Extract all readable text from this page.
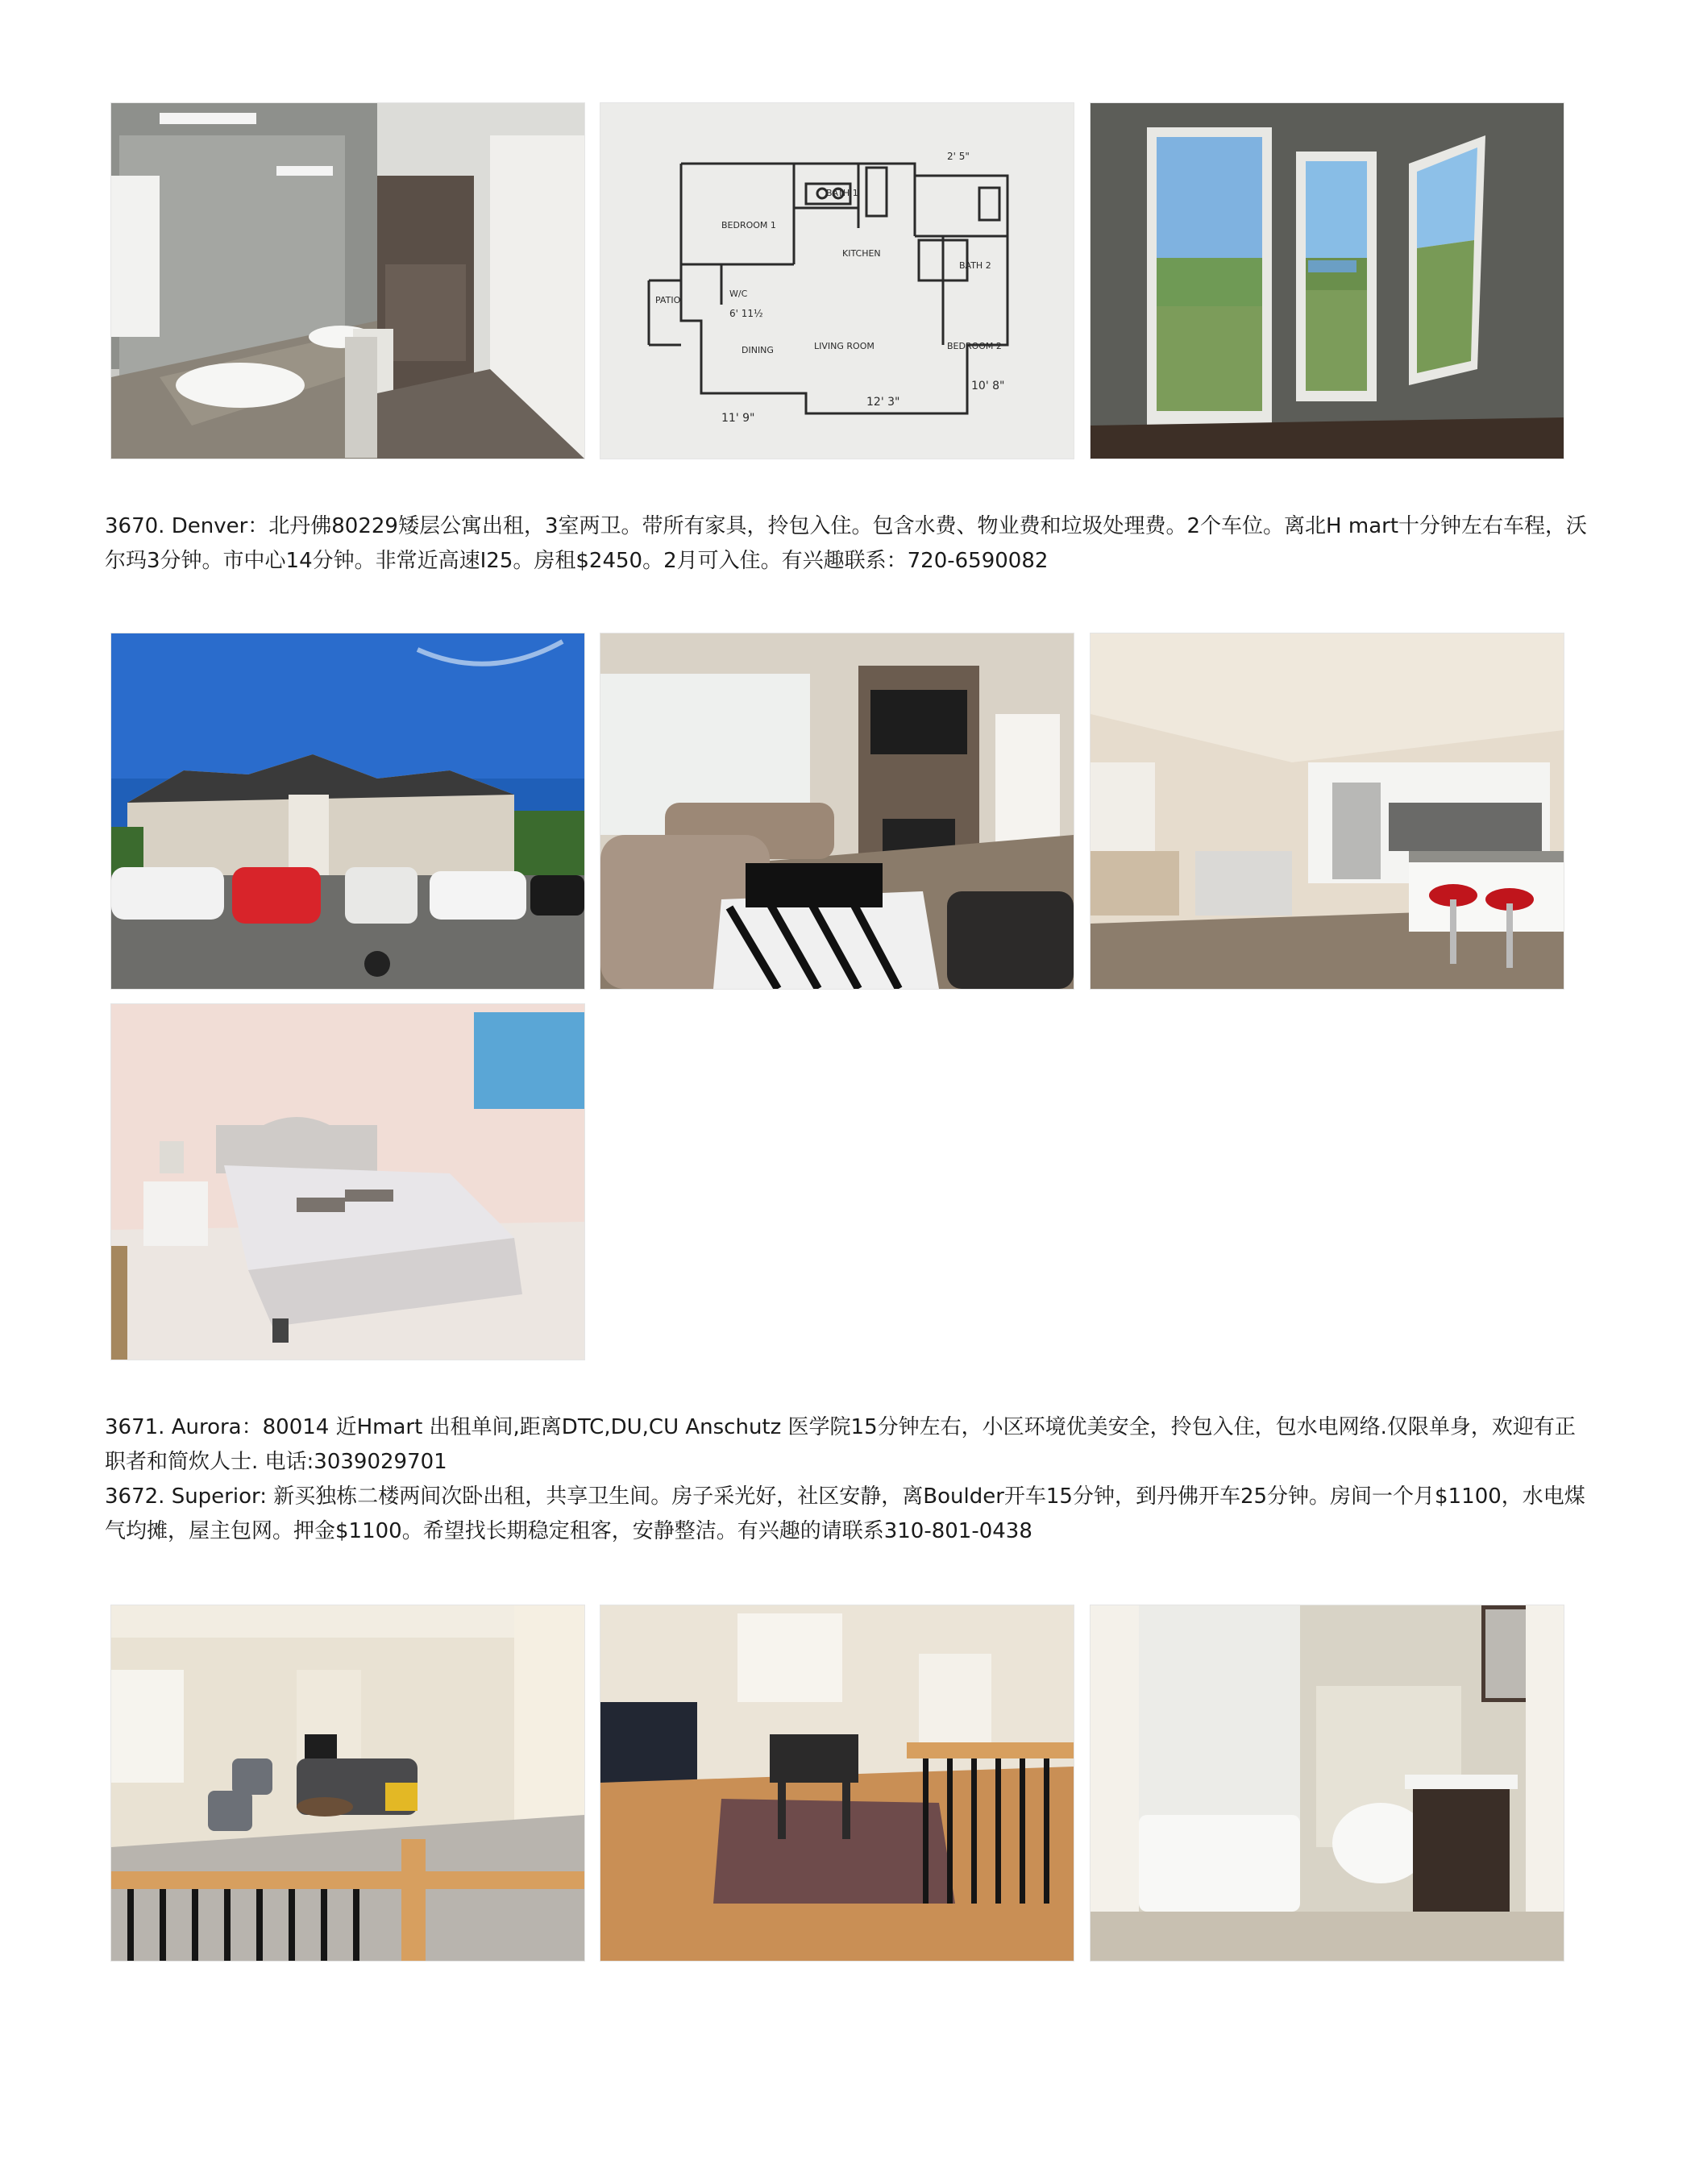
BEDROOM 1
BATH 1
KITCHEN
BATH 2
PATIO
W/C
DINING	LIVING ROOM	BEDROOM 2
11' 9"
12' 3"
10' 8"
6' 11½
2' 5"

3670. Denver：北丹佛80229矮层公寓出租，3室两卫。带所有家具，拎包入住。包含水费、物业费和垃圾处理费。2个车位。离北H mart十分钟左右车程，沃尔玛3分钟。市中心14分钟。非常近高速I25。房租$2450。2月可入住。有兴趣联系：720-6590082

3671. Aurora：80014 近Hmart 出租单间,距离DTC,DU,CU Anschutz 医学院15分钟左右，小区环境优美安全，拎包入住，包水电网络.仅限单身，欢迎有正职者和简炊人士. 电话:3039029701

3672. Superior: 新买独栋二楼两间次卧出租，共享卫生间。房子采光好，社区安静，离Boulder开车15分钟，到丹佛开车25分钟。房间一个月$1100，水电煤气均摊，屋主包网。押金$1100。希望找长期稳定租客，安静整洁。有兴趣的请联系310-801-0438
